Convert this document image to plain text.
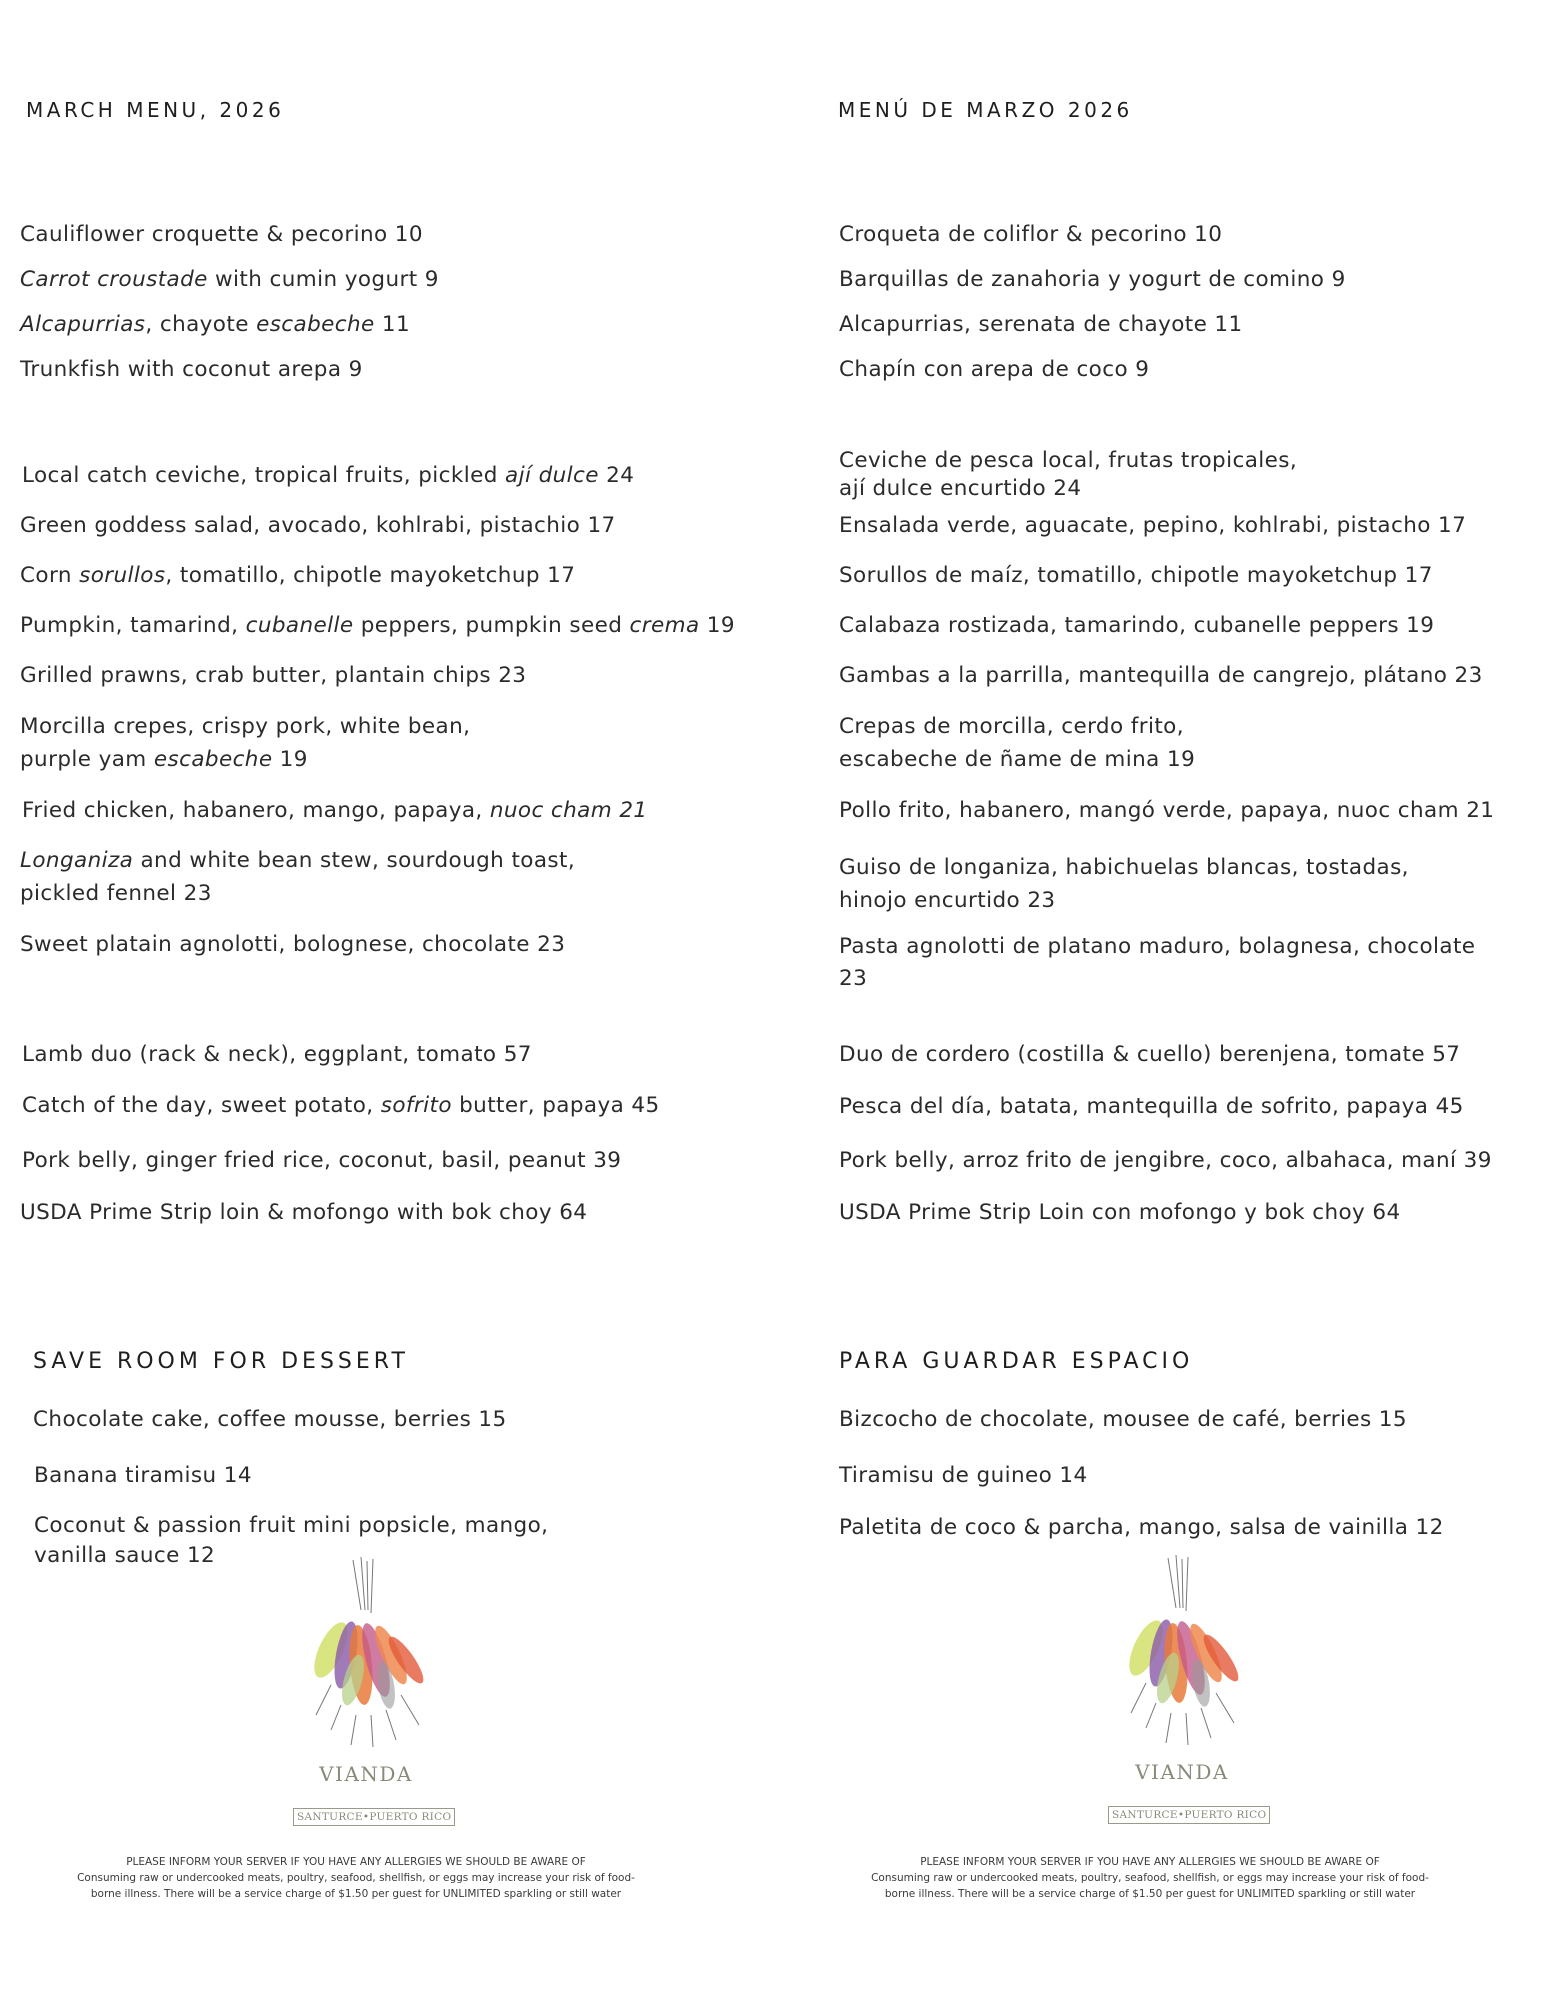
MARCH MENU, 2026
Cauliflower croquette & pecorino 10
Carrot croustade with cumin yogurt 9
Alcapurrias, chayote escabeche 11
Trunkfish with coconut arepa 9
Local catch ceviche, tropical fruits, pickled ají dulce 24
Green goddess salad, avocado, kohlrabi, pistachio 17
Corn sorullos, tomatillo, chipotle mayoketchup 17
Pumpkin, tamarind, cubanelle peppers, pumpkin seed crema 19
Grilled prawns, crab butter, plantain chips 23
Morcilla crepes, crispy pork, white bean,
purple yam escabeche 19
Fried chicken, habanero, mango, papaya, nuoc cham 21
Longaniza and white bean stew, sourdough toast,
pickled fennel 23
Sweet platain agnolotti, bolognese, chocolate 23
Lamb duo (rack & neck), eggplant, tomato 57
Catch of the day, sweet potato, sofrito butter, papaya 45
Pork belly, ginger fried rice, coconut, basil, peanut 39
USDA Prime Strip loin & mofongo with bok choy 64
SAVE ROOM FOR DESSERT
Chocolate cake, coffee mousse, berries 15
Banana tiramisu 14
Coconut & passion fruit mini popsicle, mango,
vanilla sauce 12
VIANDA
SANTURCE•PUERTO RICO
PLEASE INFORM YOUR SERVER IF YOU HAVE ANY ALLERGIES WE SHOULD BE AWARE OF
Consuming raw or undercooked meats, poultry, seafood, shellfish, or eggs may increase your risk of food-
borne illness. There will be a service charge of $1.50 per guest for UNLIMITED sparkling or still water
MENÚ DE MARZO 2026
Croqueta de coliflor & pecorino 10
Barquillas de zanahoria y yogurt de comino 9
Alcapurrias, serenata de chayote 11
Chapín con arepa de coco 9
Ceviche de pesca local, frutas tropicales,
ají dulce encurtido 24
Ensalada verde, aguacate, pepino, kohlrabi, pistacho 17
Sorullos de maíz, tomatillo, chipotle mayoketchup 17
Calabaza rostizada, tamarindo, cubanelle peppers 19
Gambas a la parrilla, mantequilla de cangrejo, plátano 23
Crepas de morcilla, cerdo frito,
escabeche de ñame de mina 19
Pollo frito, habanero, mangó verde, papaya, nuoc cham 21
Guiso de longaniza, habichuelas blancas, tostadas,
hinojo encurtido 23
Pasta agnolotti de platano maduro, bolagnesa, chocolate
23
Duo de cordero (costilla & cuello) berenjena, tomate 57
Pesca del día, batata, mantequilla de sofrito, papaya 45
Pork belly, arroz frito de jengibre, coco, albahaca, maní 39
USDA Prime Strip Loin con mofongo y bok choy 64
PARA GUARDAR ESPACIO
Bizcocho de chocolate, mousee de café, berries 15
Tiramisu de guineo 14
Paletita de coco & parcha, mango, salsa de vainilla 12
VIANDA
SANTURCE•PUERTO RICO
PLEASE INFORM YOUR SERVER IF YOU HAVE ANY ALLERGIES WE SHOULD BE AWARE OF
Consuming raw or undercooked meats, poultry, seafood, shellfish, or eggs may increase your risk of food-
borne illness. There will be a service charge of $1.50 per guest for UNLIMITED sparkling or still water
